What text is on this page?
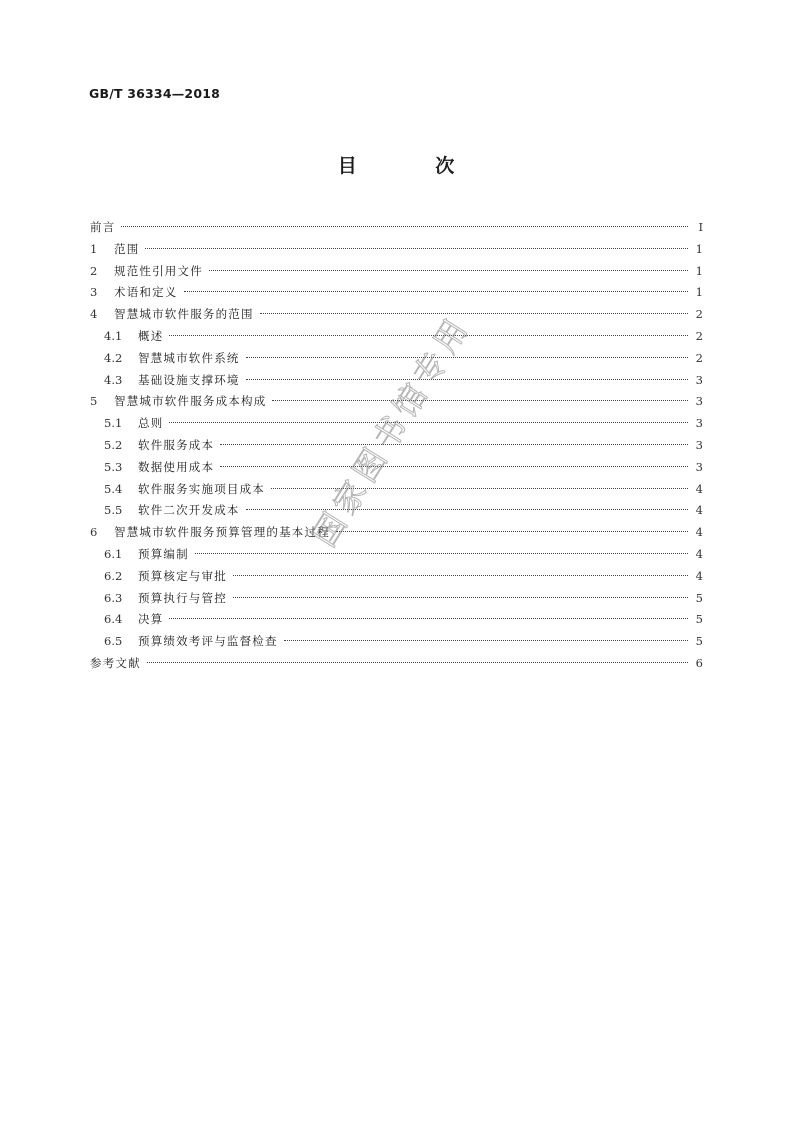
GB/T 36334—2018
目 次
前言	Ⅰ
1	范围	1
2	规范性引用文件	1
3	术语和定义	1
4	智慧城市软件服务的范围	2
4.1	概述	2
4.2	智慧城市软件系统	2
4.3	基础设施支撑环境	3
5	智慧城市软件服务成本构成	3
5.1	总则	3
5.2	软件服务成本	3
5.3	数据使用成本	3
5.4	软件服务实施项目成本	4
5.5	软件二次开发成本	4
6	智慧城市软件服务预算管理的基本过程	4
6.1	预算编制	4
6.2	预算核定与审批	4
6.3	预算执行与管控	5
6.4	决算	5
6.5	预算绩效考评与监督检查	5
参考文献	6
国家图书馆专用
